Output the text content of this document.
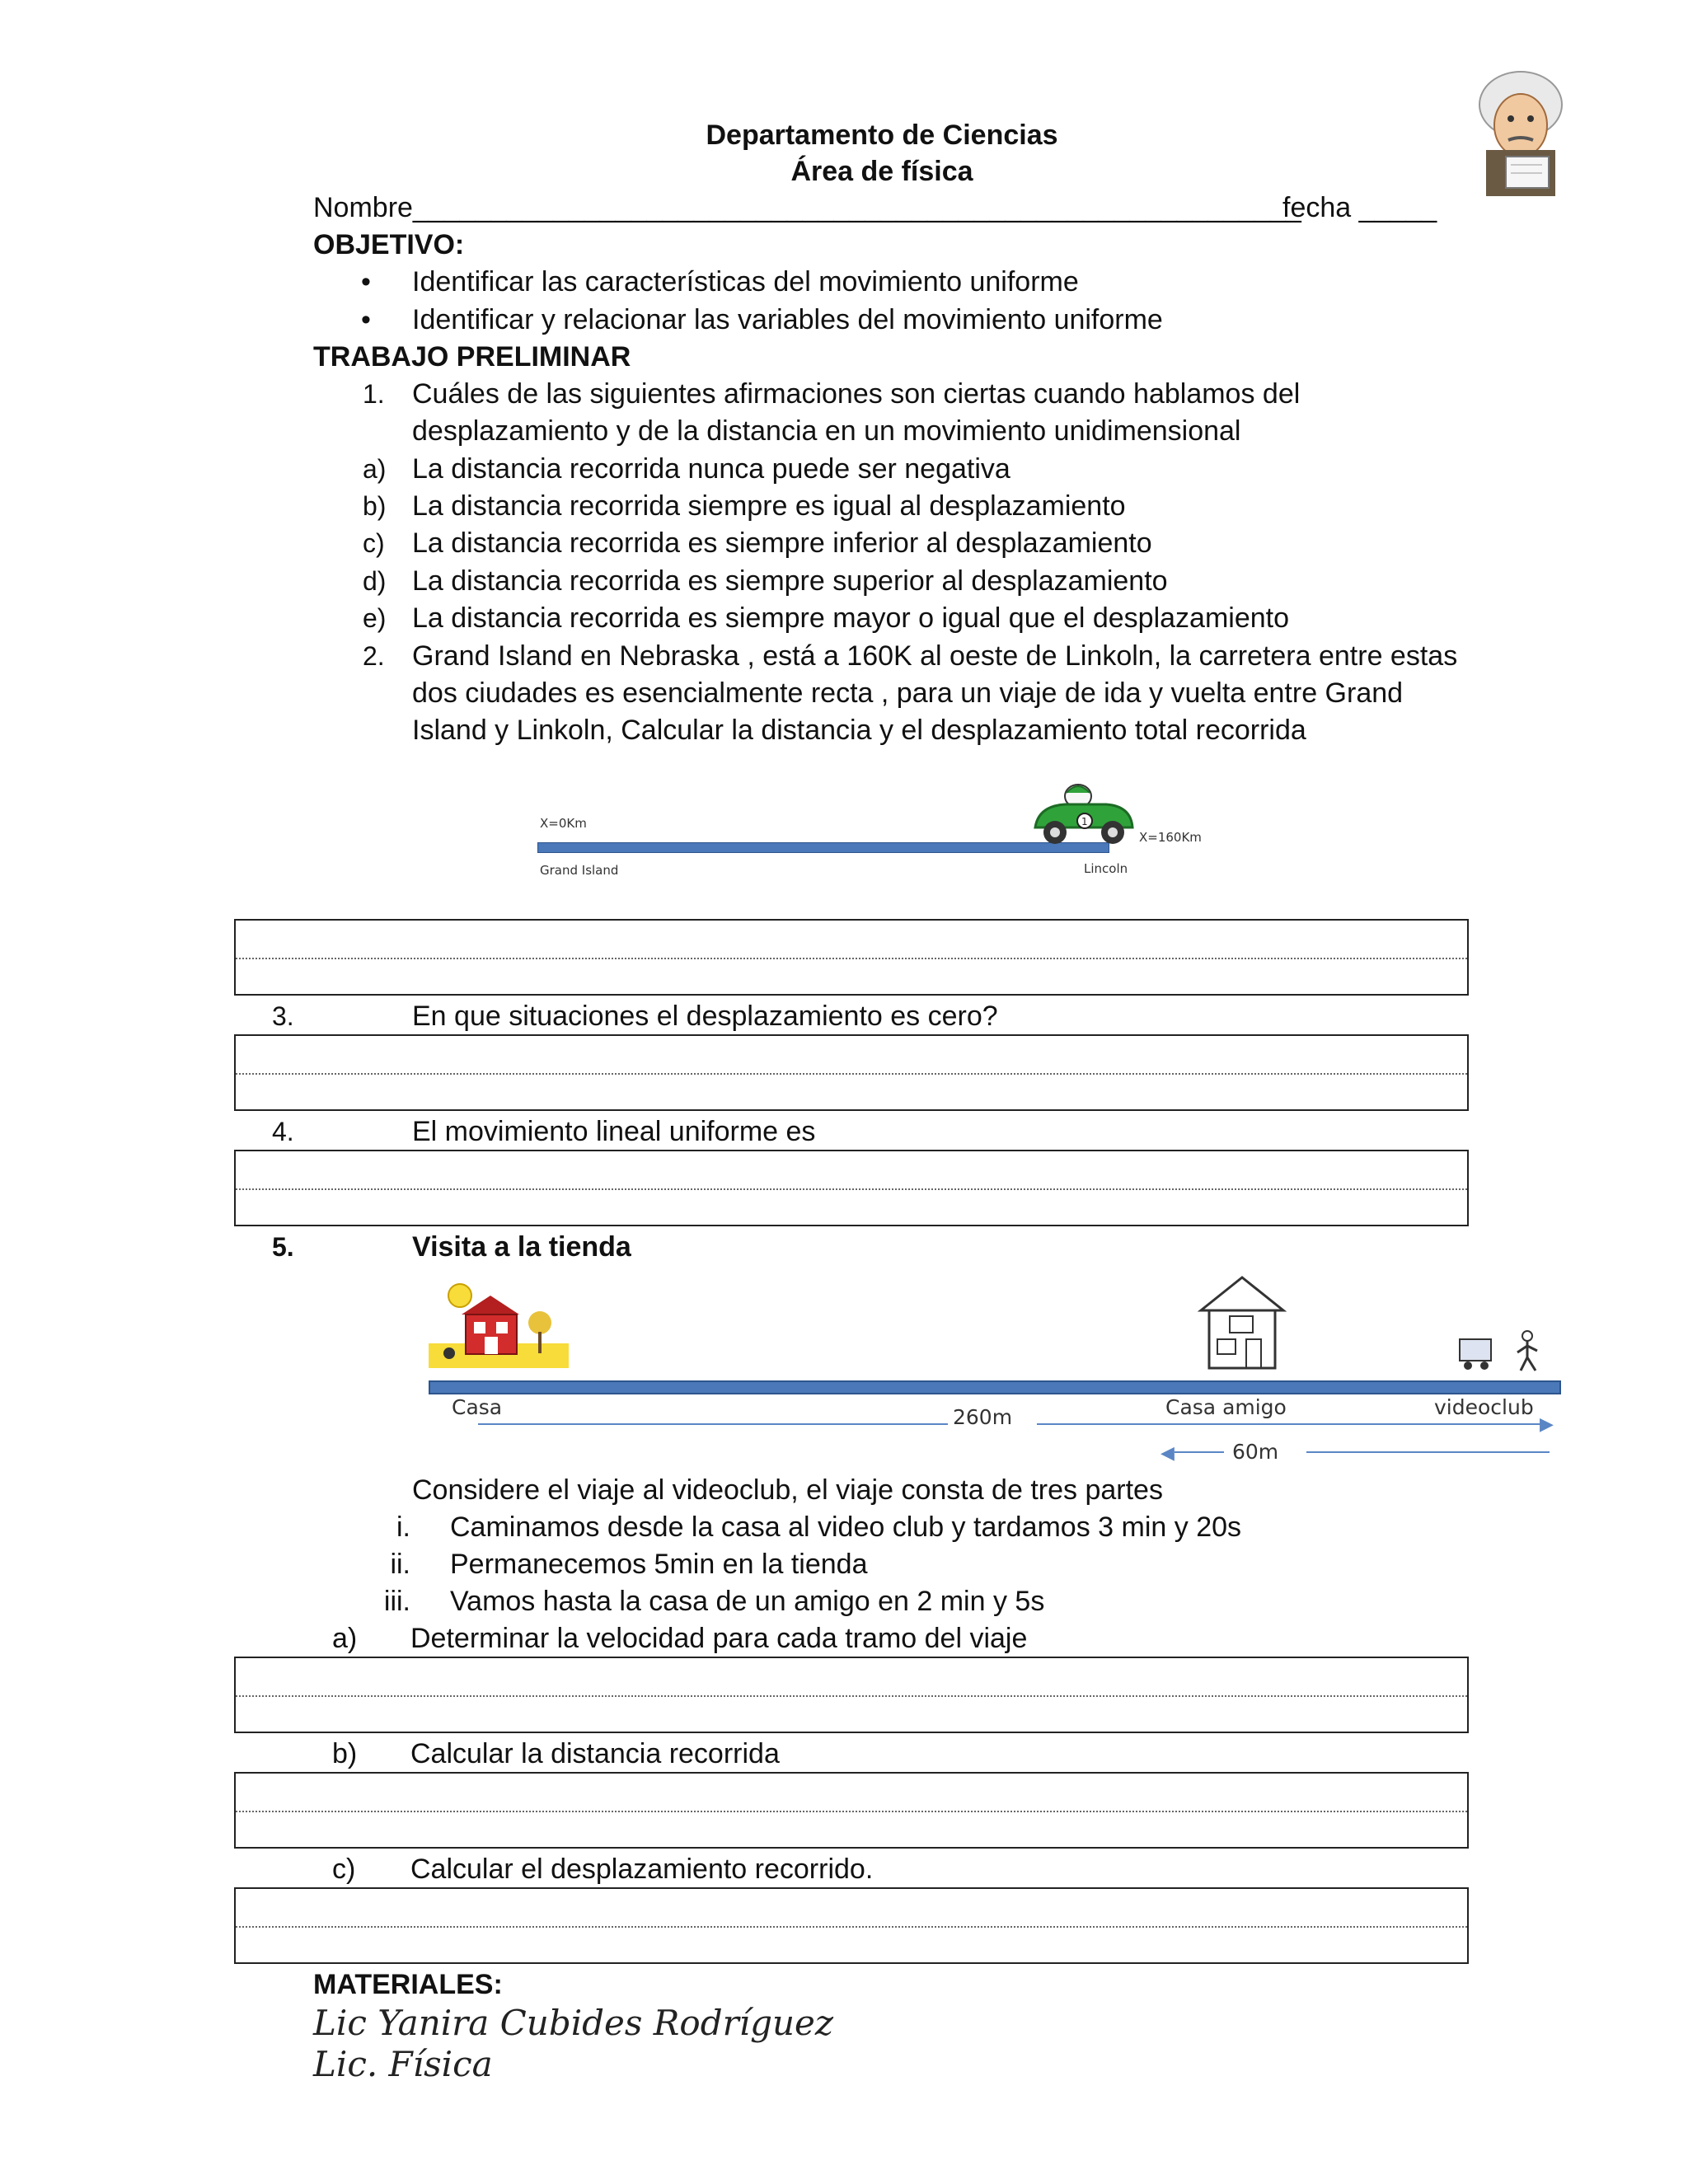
Departamento de Ciencias
Área de física
Nombre_________________________________________________________
fecha _____
OBJETIVO:
• Identificar las características del movimiento uniforme
• Identificar y relacionar las variables del movimiento uniforme
TRABAJO PRELIMINAR
1. Cuáles de las siguientes afirmaciones son ciertas cuando hablamos del
desplazamiento y de la distancia en un movimiento unidimensional
a) La distancia recorrida nunca puede ser negativa
b) La distancia recorrida siempre es igual al desplazamiento
c) La distancia recorrida es siempre inferior al desplazamiento
d) La distancia recorrida es siempre superior al desplazamiento
e) La distancia recorrida es siempre mayor o igual que el desplazamiento
2. Grand Island en Nebraska , está a 160K al oeste de Linkoln, la carretera entre estas
dos ciudades es esencialmente recta , para un viaje de ida y vuelta entre Grand
Island y Linkoln, Calcular la distancia y el desplazamiento total recorrida
X=0Km
Grand Island	Lincoln
X=160Km
1
3.	En que situaciones el desplazamiento es cero?
4.	El movimiento lineal uniforme es
5.	Visita a la tienda
Casa	Casa amigo	videoclub
260m	▶
◀	60m
Considere el viaje al videoclub, el viaje consta de tres partes
i. Caminamos desde la casa al video club y tardamos 3 min y 20s
ii. Permanecemos 5min en la tienda
iii. Vamos hasta la casa de un amigo en 2 min y 5s
a) Determinar la velocidad para cada tramo del viaje
b) Calcular la distancia recorrida
c) Calcular el desplazamiento recorrido.
MATERIALES:
Lic Yanira Cubides Rodríguez
Lic. Física
